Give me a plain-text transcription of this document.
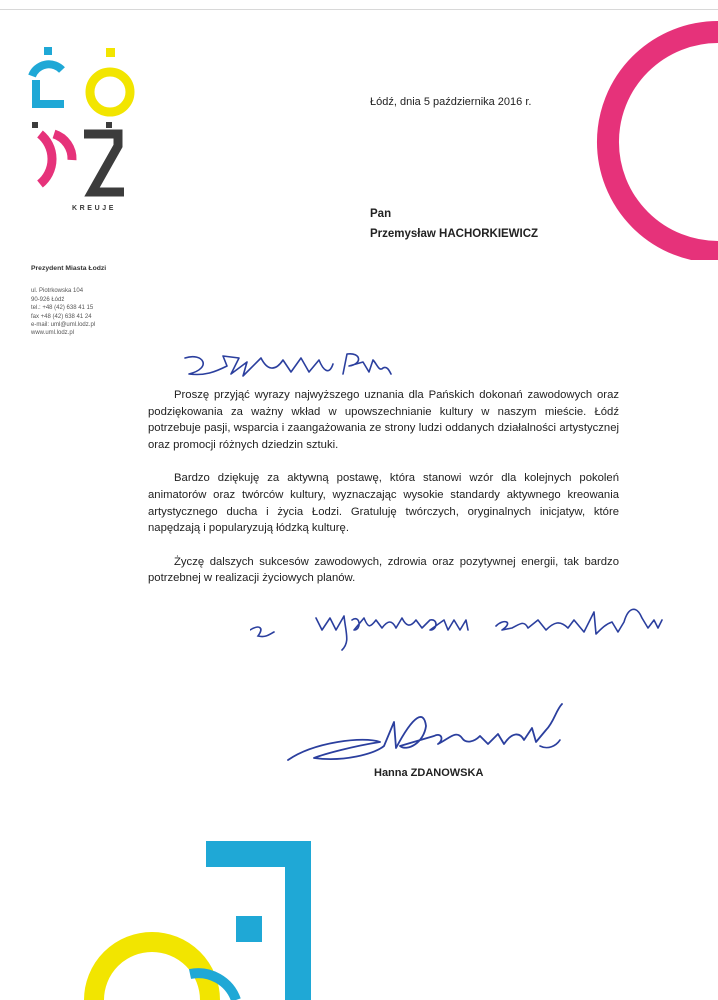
KREUJE
Prezydent Miasta Łodzi
ul. Piotrkowska 104
90-926 Łódź
tel.: +48 (42) 638 41 15
fax +48 (42) 638 41 24
e-mail: uml@uml.lodz.pl
www.uml.lodz.pl
Łódź, dnia 5 października 2016 r.
Pan
Przemysław HACHORKIEWICZ

Proszę przyjąć wyrazy najwyższego uznania dla Pańskich dokonań zawodowych oraz podziękowania za ważny wkład w upowszechnianie kultury w naszym mieście. Łódź potrzebuje pasji, wsparcia i zaangażowania ze strony ludzi oddanych działalności artystycznej oraz promocji różnych dziedzin sztuki.

Bardzo dziękuję za aktywną postawę, która stanowi wzór dla kolejnych pokoleń animatorów oraz twórców kultury, wyznaczając wysokie standardy aktywnego kreowania artystycznego ducha i życia Łodzi. Gratuluję twórczych, oryginalnych inicjatyw, które napędzają i popularyzują łódzką kulturę.

Życzę dalszych sukcesów zawodowych, zdrowia oraz pozytywnej energii, tak bardzo potrzebnej w realizacji życiowych planów.

Hanna ZDANOWSKA
